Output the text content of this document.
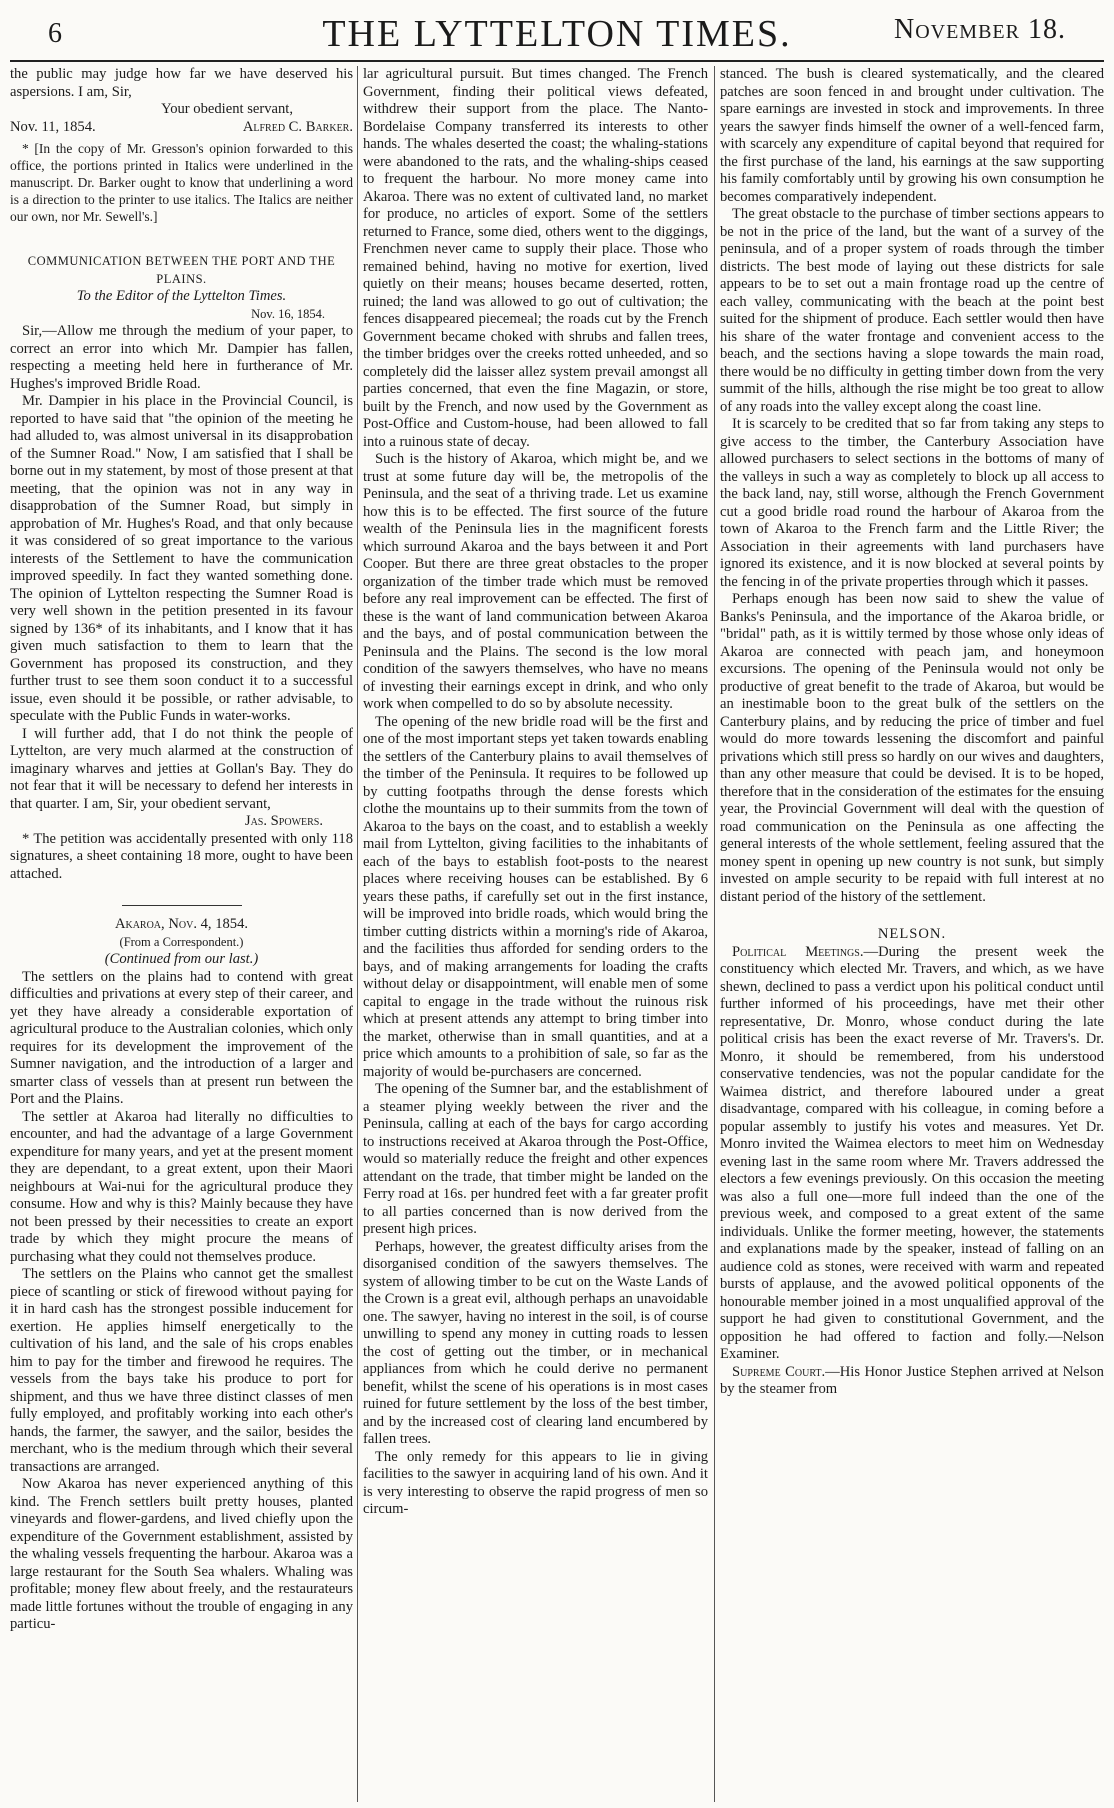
6	THE LYTTELTON TIMES.	November 18.

the public may judge how far we have deserved his aspersions. I am, Sir,

Your obedient servant,
Nov. 11, 1854.	Alfred C. Barker.

* [In the copy of Mr. Gresson's opinion forwarded to this office, the portions printed in Italics were underlined in the manuscript. Dr. Barker ought to know that underlining a word is a direction to the printer to use italics. The Italics are neither our own, nor Mr. Sewell's.]

COMMUNICATION BETWEEN THE PORT AND THE PLAINS.
To the Editor of the Lyttelton Times.
Nov. 16, 1854.

Sir,—Allow me through the medium of your paper, to correct an error into which Mr. Dampier has fallen, respecting a meeting held here in furtherance of Mr. Hughes's improved Bridle Road.

Mr. Dampier in his place in the Provincial Council, is reported to have said that "the opinion of the meeting he had alluded to, was almost universal in its disapprobation of the Sumner Road." Now, I am satisfied that I shall be borne out in my statement, by most of those present at that meeting, that the opinion was not in any way in disapprobation of the Sumner Road, but simply in approbation of Mr. Hughes's Road, and that only because it was considered of so great importance to the various interests of the Settlement to have the communication improved speedily. In fact they wanted something done. The opinion of Lyttelton respecting the Sumner Road is very well shown in the petition presented in its favour signed by 136* of its inhabitants, and I know that it has given much satisfaction to them to learn that the Government has proposed its construction, and they further trust to see them soon conduct it to a successful issue, even should it be possible, or rather advisable, to speculate with the Public Funds in water-works.

I will further add, that I do not think the people of Lyttelton, are very much alarmed at the construction of imaginary wharves and jetties at Gollan's Bay. They do not fear that it will be necessary to defend her interests in that quarter. I am, Sir, your obedient servant,

Jas. Spowers.

* The petition was accidentally presented with only 118 signatures, a sheet containing 18 more, ought to have been attached.

Akaroa, Nov. 4, 1854.
(From a Correspondent.)
(Continued from our last.)

The settlers on the plains had to contend with great difficulties and privations at every step of their career, and yet they have already a considerable exportation of agricultural produce to the Australian colonies, which only requires for its development the improvement of the Sumner navigation, and the introduction of a larger and smarter class of vessels than at present run between the Port and the Plains.

The settler at Akaroa had literally no difficulties to encounter, and had the advantage of a large Government expenditure for many years, and yet at the present moment they are dependant, to a great extent, upon their Maori neighbours at Wai-nui for the agricultural produce they consume. How and why is this? Mainly because they have not been pressed by their necessities to create an export trade by which they might procure the means of purchasing what they could not themselves produce.

The settlers on the Plains who cannot get the smallest piece of scantling or stick of firewood without paying for it in hard cash has the strongest possible inducement for exertion. He applies himself energetically to the cultivation of his land, and the sale of his crops enables him to pay for the timber and firewood he requires. The vessels from the bays take his produce to port for shipment, and thus we have three distinct classes of men fully employed, and profitably working into each other's hands, the farmer, the sawyer, and the sailor, besides the merchant, who is the medium through which their several transactions are arranged.

Now Akaroa has never experienced anything of this kind. The French settlers built pretty houses, planted vineyards and flower-gardens, and lived chiefly upon the expenditure of the Government establishment, assisted by the whaling vessels frequenting the harbour. Akaroa was a large restaurant for the South Sea whalers. Whaling was profitable; money flew about freely, and the restaurateurs made little fortunes without the trouble of engaging in any particu-

lar agricultural pursuit. But times changed. The French Government, finding their political views defeated, withdrew their support from the place. The Nanto-Bordelaise Company transferred its interests to other hands. The whales deserted the coast; the whaling-stations were abandoned to the rats, and the whaling-ships ceased to frequent the harbour. No more money came into Akaroa. There was no extent of cultivated land, no market for produce, no articles of export. Some of the settlers returned to France, some died, others went to the diggings, Frenchmen never came to supply their place. Those who remained behind, having no motive for exertion, lived quietly on their means; houses became deserted, rotten, ruined; the land was allowed to go out of cultivation; the fences disappeared piecemeal; the roads cut by the French Government became choked with shrubs and fallen trees, the timber bridges over the creeks rotted unheeded, and so completely did the laisser allez system prevail amongst all parties concerned, that even the fine Magazin, or store, built by the French, and now used by the Government as Post-Office and Custom-house, had been allowed to fall into a ruinous state of decay.

Such is the history of Akaroa, which might be, and we trust at some future day will be, the metropolis of the Peninsula, and the seat of a thriving trade. Let us examine how this is to be effected. The first source of the future wealth of the Peninsula lies in the magnificent forests which surround Akaroa and the bays between it and Port Cooper. But there are three great obstacles to the proper organization of the timber trade which must be removed before any real improvement can be effected. The first of these is the want of land communication between Akaroa and the bays, and of postal communication between the Peninsula and the Plains. The second is the low moral condition of the sawyers themselves, who have no means of investing their earnings except in drink, and who only work when compelled to do so by absolute necessity.

The opening of the new bridle road will be the first and one of the most important steps yet taken towards enabling the settlers of the Canterbury plains to avail themselves of the timber of the Peninsula. It requires to be followed up by cutting footpaths through the dense forests which clothe the mountains up to their summits from the town of Akaroa to the bays on the coast, and to establish a weekly mail from Lyttelton, giving facilities to the inhabitants of each of the bays to establish foot-posts to the nearest places where receiving houses can be established. By 6 years these paths, if carefully set out in the first instance, will be improved into bridle roads, which would bring the timber cutting districts within a morning's ride of Akaroa, and the facilities thus afforded for sending orders to the bays, and of making arrangements for loading the crafts without delay or disappointment, will enable men of some capital to engage in the trade without the ruinous risk which at present attends any attempt to bring timber into the market, otherwise than in small quantities, and at a price which amounts to a prohibition of sale, so far as the majority of would be-purchasers are concerned.

The opening of the Sumner bar, and the establishment of a steamer plying weekly between the river and the Peninsula, calling at each of the bays for cargo according to instructions received at Akaroa through the Post-Office, would so materially reduce the freight and other expences attendant on the trade, that timber might be landed on the Ferry road at 16s. per hundred feet with a far greater profit to all parties concerned than is now derived from the present high prices.

Perhaps, however, the greatest difficulty arises from the disorganised condition of the sawyers themselves. The system of allowing timber to be cut on the Waste Lands of the Crown is a great evil, although perhaps an unavoidable one. The sawyer, having no interest in the soil, is of course unwilling to spend any money in cutting roads to lessen the cost of getting out the timber, or in mechanical appliances from which he could derive no permanent benefit, whilst the scene of his operations is in most cases ruined for future settlement by the loss of the best timber, and by the increased cost of clearing land encumbered by fallen trees.

The only remedy for this appears to lie in giving facilities to the sawyer in acquiring land of his own. And it is very interesting to observe the rapid progress of men so circum-

stanced. The bush is cleared systematically, and the cleared patches are soon fenced in and brought under cultivation. The spare earnings are invested in stock and improvements. In three years the sawyer finds himself the owner of a well-fenced farm, with scarcely any expenditure of capital beyond that required for the first purchase of the land, his earnings at the saw supporting his family comfortably until by growing his own consumption he becomes comparatively independent.

The great obstacle to the purchase of timber sections appears to be not in the price of the land, but the want of a survey of the peninsula, and of a proper system of roads through the timber districts. The best mode of laying out these districts for sale appears to be to set out a main frontage road up the centre of each valley, communicating with the beach at the point best suited for the shipment of produce. Each settler would then have his share of the water frontage and convenient access to the beach, and the sections having a slope towards the main road, there would be no difficulty in getting timber down from the very summit of the hills, although the rise might be too great to allow of any roads into the valley except along the coast line.

It is scarcely to be credited that so far from taking any steps to give access to the timber, the Canterbury Association have allowed purchasers to select sections in the bottoms of many of the valleys in such a way as completely to block up all access to the back land, nay, still worse, although the French Government cut a good bridle road round the harbour of Akaroa from the town of Akaroa to the French farm and the Little River; the Association in their agreements with land purchasers have ignored its existence, and it is now blocked at several points by the fencing in of the private properties through which it passes.

Perhaps enough has been now said to shew the value of Banks's Peninsula, and the importance of the Akaroa bridle, or "bridal" path, as it is wittily termed by those whose only ideas of Akaroa are connected with peach jam, and honeymoon excursions. The opening of the Peninsula would not only be productive of great benefit to the trade of Akaroa, but would be an inestimable boon to the great bulk of the settlers on the Canterbury plains, and by reducing the price of timber and fuel would do more towards lessening the discomfort and painful privations which still press so hardly on our wives and daughters, than any other measure that could be devised. It is to be hoped, therefore that in the consideration of the estimates for the ensuing year, the Provincial Government will deal with the question of road communication on the Peninsula as one affecting the general interests of the whole settlement, feeling assured that the money spent in opening up new country is not sunk, but simply invested on ample security to be repaid with full interest at no distant period of the history of the settlement.

NELSON.

Political Meetings.—During the present week the constituency which elected Mr. Travers, and which, as we have shewn, declined to pass a verdict upon his political conduct until further informed of his proceedings, have met their other representative, Dr. Monro, whose conduct during the late political crisis has been the exact reverse of Mr. Travers's. Dr. Monro, it should be remembered, from his understood conservative tendencies, was not the popular candidate for the Waimea district, and therefore laboured under a great disadvantage, compared with his colleague, in coming before a popular assembly to justify his votes and measures. Yet Dr. Monro invited the Waimea electors to meet him on Wednesday evening last in the same room where Mr. Travers addressed the electors a few evenings previously. On this occasion the meeting was also a full one—more full indeed than the one of the previous week, and composed to a great extent of the same individuals. Unlike the former meeting, however, the statements and explanations made by the speaker, instead of falling on an audience cold as stones, were received with warm and repeated bursts of applause, and the avowed political opponents of the honourable member joined in a most unqualified approval of the support he had given to constitutional Government, and the opposition he had offered to faction and folly.—Nelson Examiner.

Supreme Court.—His Honor Justice Stephen arrived at Nelson by the steamer from
